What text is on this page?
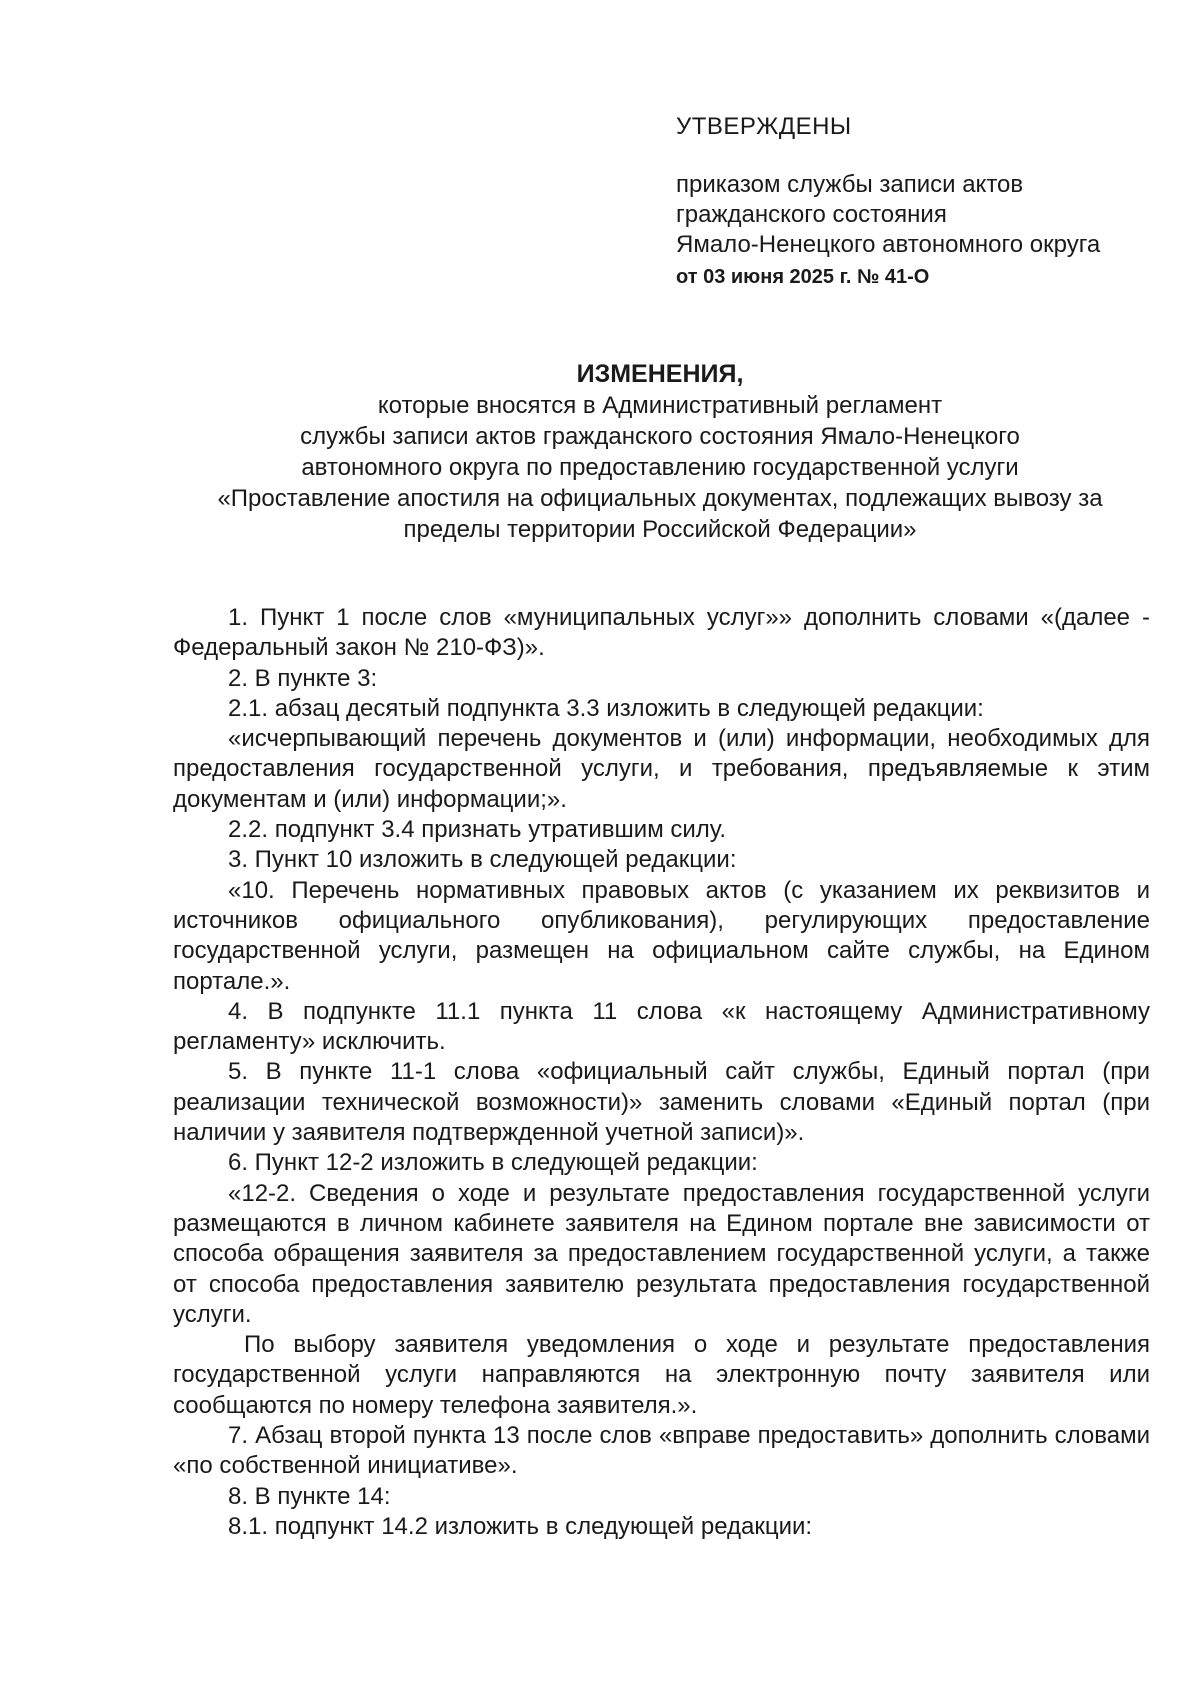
УТВЕРЖДЕНЫ
приказом службы записи актов
гражданского состояния
Ямало-Ненецкого автономного округа
от 03 июня 2025 г. № 41-О
ИЗМЕНЕНИЯ,
которые вносятся в Административный регламент
службы записи актов гражданского состояния Ямало-Ненецкого
автономного округа по предоставлению государственной услуги
«Проставление апостиля на официальных документах, подлежащих вывозу за
пределы территории Российской Федерации»

1. Пункт 1 после слов «муниципальных услуг»» дополнить словами «(далее - Федеральный закон № 210-ФЗ)».

2. В пункте 3:

2.1. абзац десятый подпункта 3.3 изложить в следующей редакции:

«исчерпывающий перечень документов и (или) информации, необходимых для предоставления государственной услуги, и требования, предъявляемые к этим документам и (или) информации;».

2.2. подпункт 3.4 признать утратившим силу.

3. Пункт 10 изложить в следующей редакции:

«10. Перечень нормативных правовых актов (с указанием их реквизитов и источников официального опубликования), регулирующих предоставление государственной услуги, размещен на официальном сайте службы, на Едином портале.».

4. В подпункте 11.1 пункта 11 слова «к настоящему Административному регламенту» исключить.

5. В пункте 11-1 слова «официальный сайт службы, Единый портал (при реализации технической возможности)» заменить словами «Единый портал (при наличии у заявителя подтвержденной учетной записи)».

6. Пункт 12-2 изложить в следующей редакции:

«12-2. Сведения о ходе и результате предоставления государственной услуги размещаются в личном кабинете заявителя на Едином портале вне зависимости от способа обращения заявителя за предоставлением государственной услуги, а также от способа предоставления заявителю результата предоставления государственной услуги.

По выбору заявителя уведомления о ходе и результате предоставления государственной услуги направляются на электронную почту заявителя или сообщаются по номеру телефона заявителя.».

7. Абзац второй пункта 13 после слов «вправе предоставить» дополнить словами «по собственной инициативе».

8. В пункте 14:

8.1. подпункт 14.2 изложить в следующей редакции:
